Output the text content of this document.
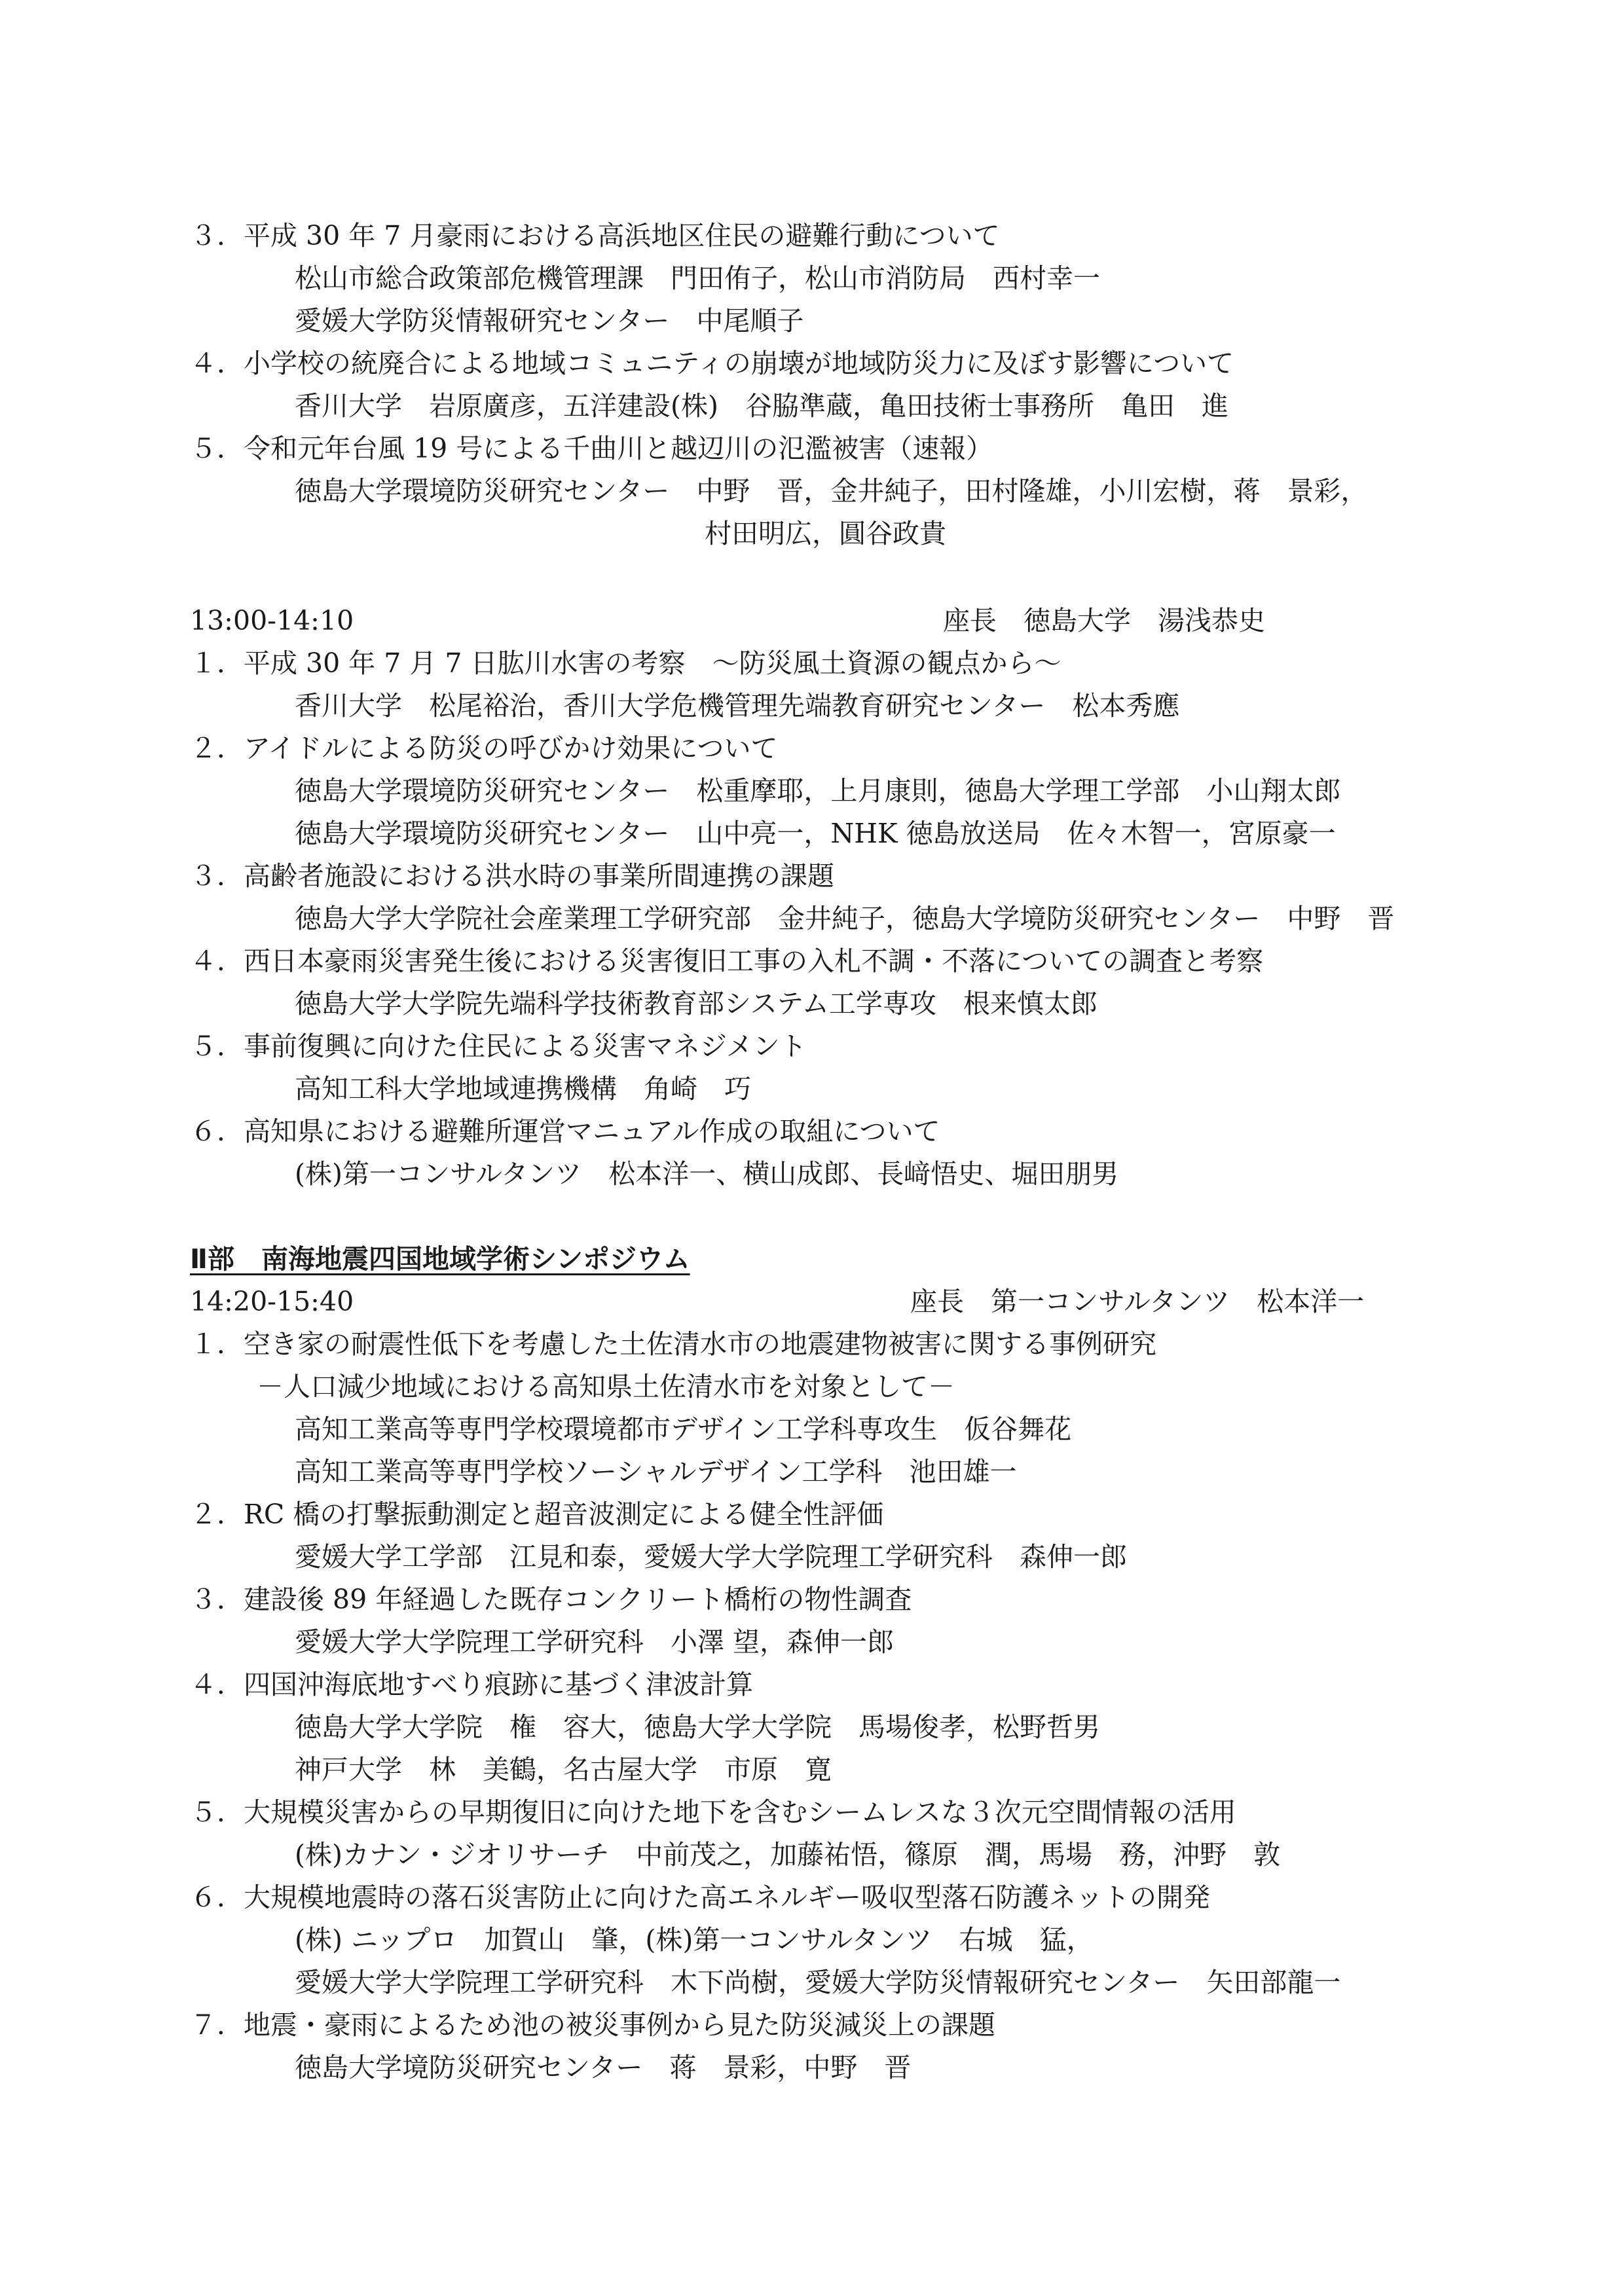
３．平成 30 年 7 月豪雨における高浜地区住民の避難行動について
松山市総合政策部危機管理課　門田侑子，松山市消防局　西村幸一
愛媛大学防災情報研究センター　中尾順子
４．小学校の統廃合による地域コミュニティの崩壊が地域防災力に及ぼす影響について
香川大学　岩原廣彦，五洋建設(株)　谷脇準蔵，亀田技術士事務所　亀田　進
５．令和元年台風 19 号による千曲川と越辺川の氾濫被害（速報）
徳島大学環境防災研究センター　中野　晋，金井純子，田村隆雄，小川宏樹，蒋　景彩，
村田明広，圓谷政貴
13:00-14:10	座長　徳島大学　湯浅恭史
１．平成 30 年 7 月 7 日肱川水害の考察　～防災風土資源の観点から～
香川大学　松尾裕治，香川大学危機管理先端教育研究センター　松本秀應
２．アイドルによる防災の呼びかけ効果について
徳島大学環境防災研究センター　松重摩耶，上月康則，徳島大学理工学部　小山翔太郎
徳島大学環境防災研究センター　山中亮一，NHK 徳島放送局　佐々木智一，宮原豪一
３．高齢者施設における洪水時の事業所間連携の課題
徳島大学大学院社会産業理工学研究部　金井純子，徳島大学境防災研究センター　中野　晋
４．西日本豪雨災害発生後における災害復旧工事の入札不調・不落についての調査と考察
徳島大学大学院先端科学技術教育部システム工学専攻　根来慎太郎
５．事前復興に向けた住民による災害マネジメント
高知工科大学地域連携機構　角崎　巧
６．高知県における避難所運営マニュアル作成の取組について
(株)第一コンサルタンツ　松本洋一、横山成郎、長﨑悟史、堀田朋男
Ⅱ部　南海地震四国地域学術シンポジウム
14:20-15:40	座長　第一コンサルタンツ　松本洋一
１．空き家の耐震性低下を考慮した土佐清水市の地震建物被害に関する事例研究
－人口減少地域における高知県土佐清水市を対象として－
高知工業高等専門学校環境都市デザイン工学科専攻生　仮谷舞花
高知工業高等専門学校ソーシャルデザイン工学科　池田雄一
２．RC 橋の打撃振動測定と超音波測定による健全性評価
愛媛大学工学部　江見和泰，愛媛大学大学院理工学研究科　森伸一郎
３．建設後 89 年経過した既存コンクリート橋桁の物性調査
愛媛大学大学院理工学研究科　小澤 望，森伸一郎
４．四国沖海底地すべり痕跡に基づく津波計算
徳島大学大学院　権　容大，徳島大学大学院　馬場俊孝，松野哲男
神戸大学　林　美鶴，名古屋大学　市原　寛
５．大規模災害からの早期復旧に向けた地下を含むシームレスな３次元空間情報の活用
(株)カナン・ジオリサーチ　中前茂之，加藤祐悟，篠原　潤，馬場　務，沖野　敦
６．大規模地震時の落石災害防止に向けた高エネルギー吸収型落石防護ネットの開発
(株) ニップロ　加賀山　肇，(株)第一コンサルタンツ　右城　猛，
愛媛大学大学院理工学研究科　木下尚樹，愛媛大学防災情報研究センター　矢田部龍一
７．地震・豪雨によるため池の被災事例から見た防災減災上の課題
徳島大学境防災研究センター　蒋　景彩，中野　晋
